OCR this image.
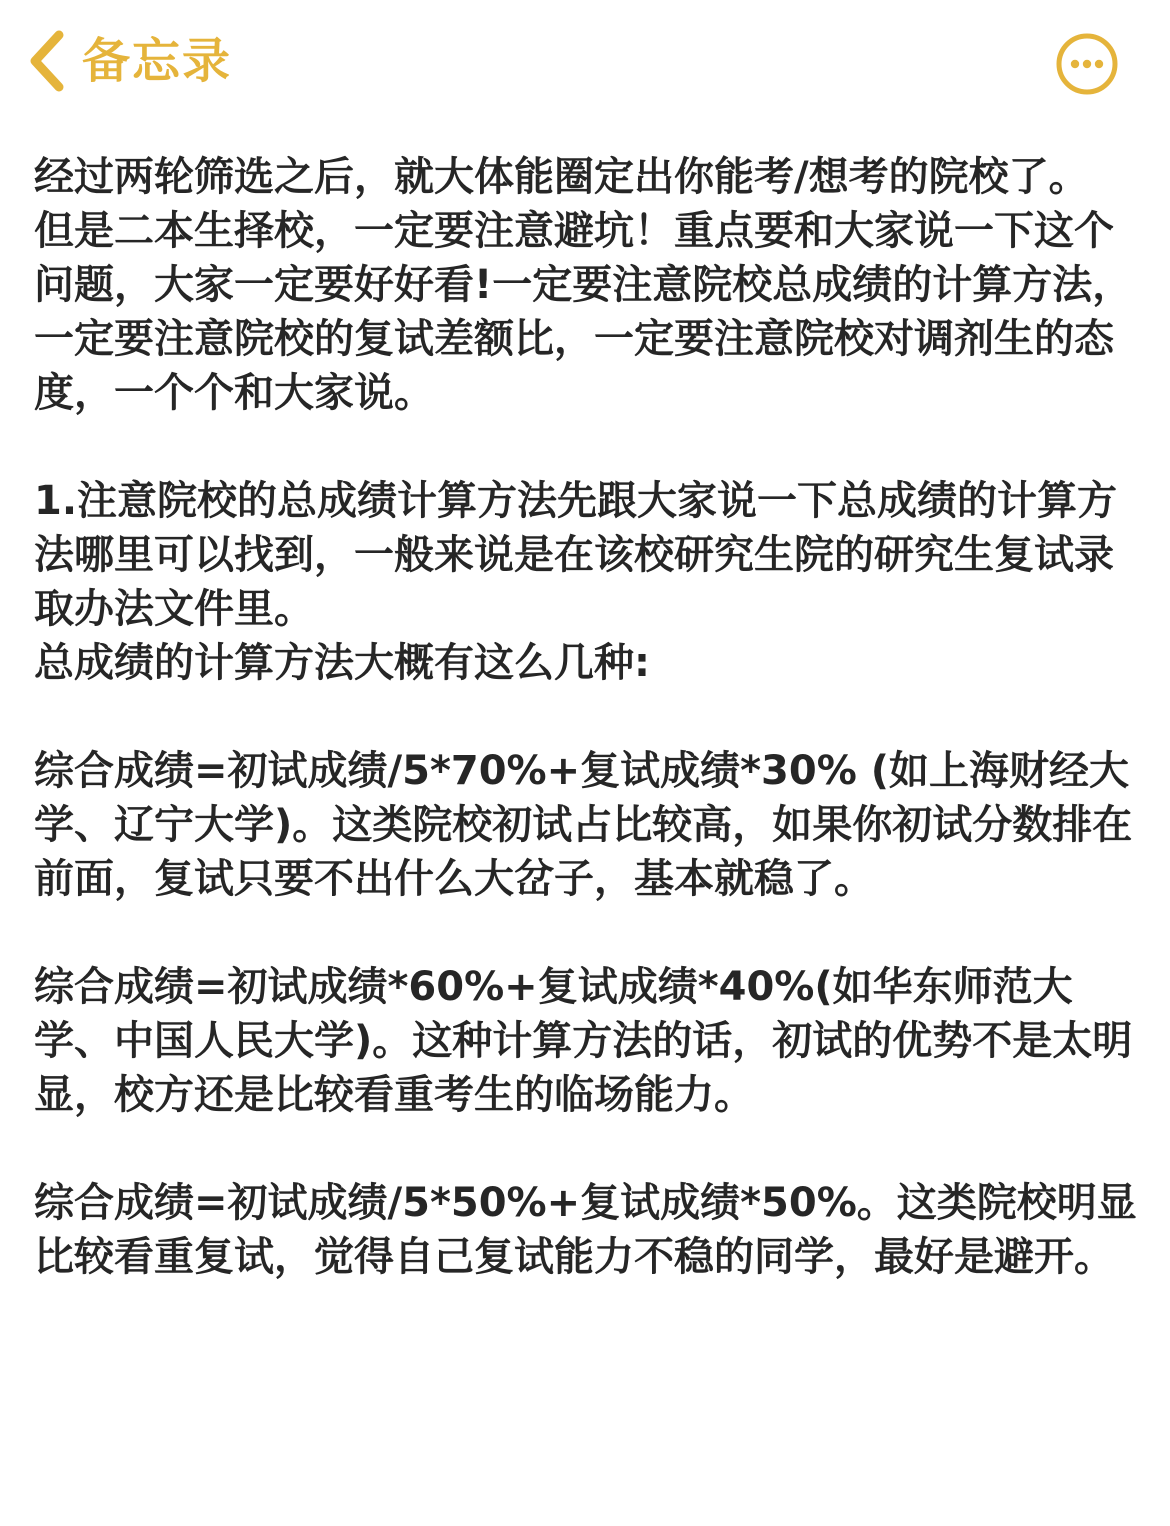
备忘录

经过两轮筛选之后，就大体能圈定出你能考/想考的院校了。

但是二本生择校，一定要注意避坑！重点要和大家说一下这个问题，大家一定要好好看!一定要注意院校总成绩的计算方法，一定要注意院校的复试差额比，一定要注意院校对调剂生的态度，一个个和大家说。

1.注意院校的总成绩计算方法先跟大家说一下总成绩的计算方法哪里可以找到，一般来说是在该校研究生院的研究生复试录取办法文件里。

总成绩的计算方法大概有这么几种:

综合成绩=初试成绩/5*70%+复试成绩*30% (如上海财经大学、辽宁大学)。这类院校初试占比较高，如果你初试分数排在前面，复试只要不出什么大岔子，基本就稳了。

综合成绩=初试成绩*60%+复试成绩*40%(如华东师范大学、中国人民大学)。这种计算方法的话，初试的优势不是太明显，校方还是比较看重考生的临场能力。

综合成绩=初试成绩/5*50%+复试成绩*50%。这类院校明显比较看重复试，觉得自己复试能力不稳的同学，最好是避开。
